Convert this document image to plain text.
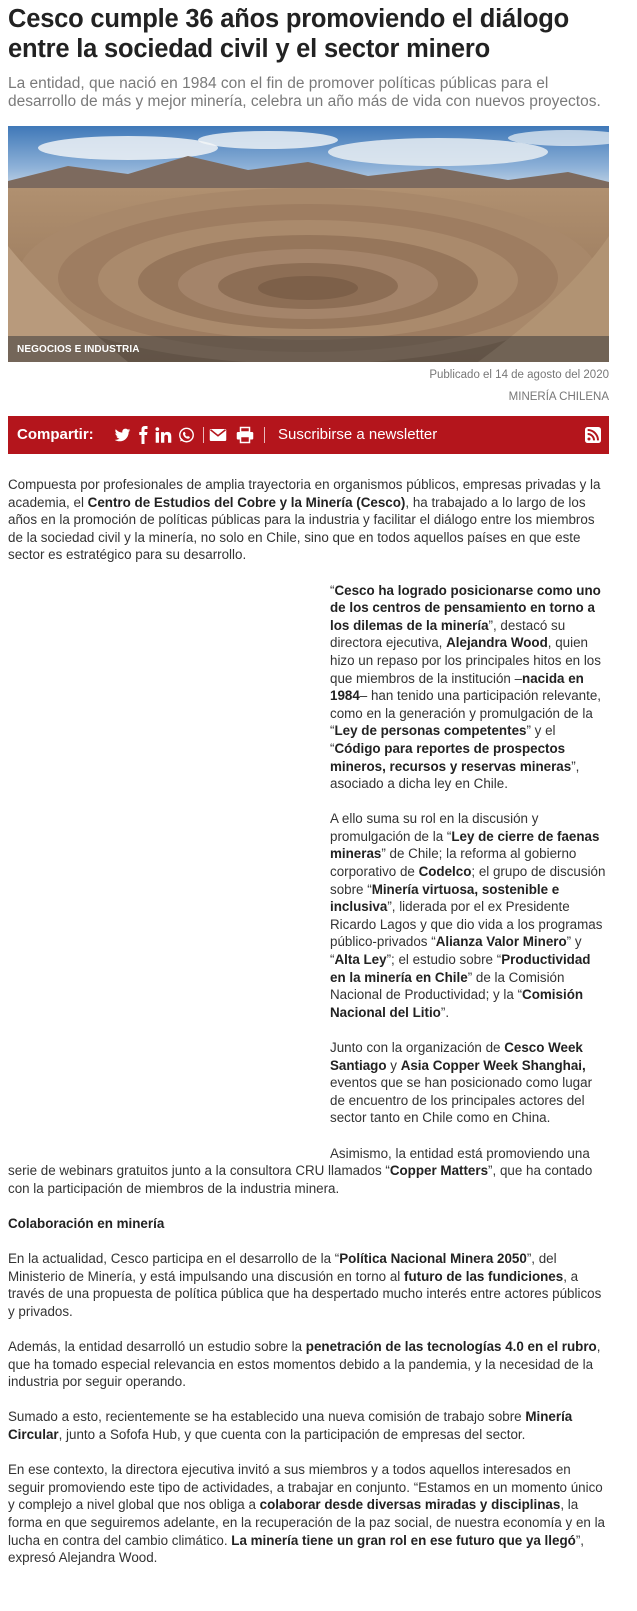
Cesco cumple 36 años promoviendo el diálogo entre la sociedad civil y el sector minero

La entidad, que nació en 1984 con el fin de promover políticas públicas para el desarrollo de más y mejor minería, celebra un año más de vida con nuevos proyectos.

NEGOCIOS E INDUSTRIA
Publicado el 14 de agosto del 2020
MINERÍA CHILENA
Compartir:	Suscribirse a newsletter

Compuesta por profesionales de amplia trayectoria en organismos públicos, empresas privadas y la academia, el Centro de Estudios del Cobre y la Minería (Cesco), ha trabajado a lo largo de los años en la promoción de políticas públicas para la industria y facilitar el diálogo entre los miembros de la sociedad civil y la minería, no solo en Chile, sino que en todos aquellos países en que este sector es estratégico para su desarrollo.

“Cesco ha logrado posicionarse como uno de los centros de pensamiento en torno a los dilemas de la minería”, destacó su directora ejecutiva, Alejandra Wood, quien hizo un repaso por los principales hitos en los que miembros de la institución –nacida en 1984– han tenido una participación relevante, como en la generación y promulgación de la “Ley de personas competentes” y el “Código para reportes de prospectos mineros, recursos y reservas mineras”, asociado a dicha ley en Chile.

A ello suma su rol en la discusión y promulgación de la “Ley de cierre de faenas mineras” de Chile; la reforma al gobierno corporativo de Codelco; el grupo de discusión sobre “Minería virtuosa, sostenible e inclusiva”, liderada por el ex Presidente Ricardo Lagos y que dio vida a los programas público-privados “Alianza Valor Minero” y “Alta Ley”; el estudio sobre “Productividad en la minería en Chile” de la Comisión Nacional de Productividad; y la “Comisión Nacional del Litio”.

Junto con la organización de Cesco Week Santiago y Asia Copper Week Shanghai, eventos que se han posicionado como lugar de encuentro de los principales actores del sector tanto en Chile como en China.

Asimismo, la entidad está promoviendo una serie de webinars gratuitos junto a la consultora CRU llamados “Copper Matters”, que ha contado con la participación de miembros de la industria minera.

Colaboración en minería

En la actualidad, Cesco participa en el desarrollo de la “Política Nacional Minera 2050”, del Ministerio de Minería, y está impulsando una discusión en torno al futuro de las fundiciones, a través de una propuesta de política pública que ha despertado mucho interés entre actores públicos y privados.

Además, la entidad desarrolló un estudio sobre la penetración de las tecnologías 4.0 en el rubro, que ha tomado especial relevancia en estos momentos debido a la pandemia, y la necesidad de la industria por seguir operando.

Sumado a esto, recientemente se ha establecido una nueva comisión de trabajo sobre Minería Circular, junto a Sofofa Hub, y que cuenta con la participación de empresas del sector.

En ese contexto, la directora ejecutiva invitó a sus miembros y a todos aquellos interesados en seguir promoviendo este tipo de actividades, a trabajar en conjunto. “Estamos en un momento único y complejo a nivel global que nos obliga a colaborar desde diversas miradas y disciplinas, la forma en que seguiremos adelante, en la recuperación de la paz social, de nuestra economía y en la lucha en contra del cambio climático. La minería tiene un gran rol en ese futuro que ya llegó”, expresó Alejandra Wood.
